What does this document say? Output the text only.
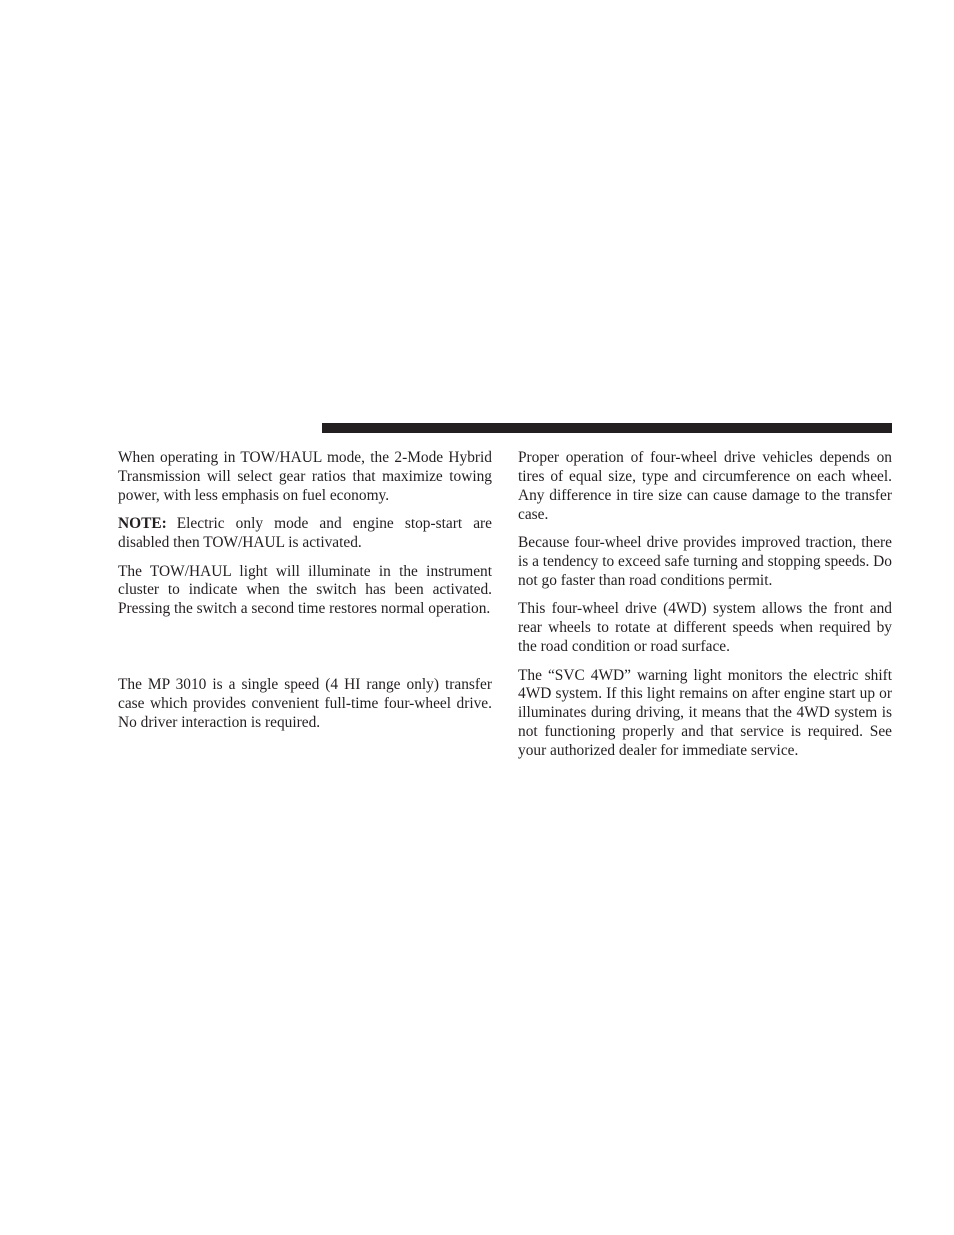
When operating in TOW/HAUL mode, the 2-Mode Hybrid Transmission will select gear ratios that maximize towing power, with less emphasis on fuel economy.

NOTE: Electric only mode and engine stop-start are disabled then TOW/HAUL is activated.

The TOW/HAUL light will illuminate in the instrument cluster to indicate when the switch has been activated. Pressing the switch a second time restores normal operation.

The MP 3010 is a single speed (4 HI range only) transfer case which provides convenient full-time four-wheel drive. No driver interaction is required.

Proper operation of four-wheel drive vehicles depends on tires of equal size, type and circumference on each wheel. Any difference in tire size can cause damage to the transfer case.

Because four-wheel drive provides improved traction, there is a tendency to exceed safe turning and stopping speeds. Do not go faster than road conditions permit.

This four-wheel drive (4WD) system allows the front and rear wheels to rotate at different speeds when required by the road condition or road surface.

The “SVC 4WD” warning light monitors the electric shift 4WD system. If this light remains on after engine start up or illuminates during driving, it means that the 4WD system is not functioning properly and that service is required. See your authorized dealer for immediate service.
